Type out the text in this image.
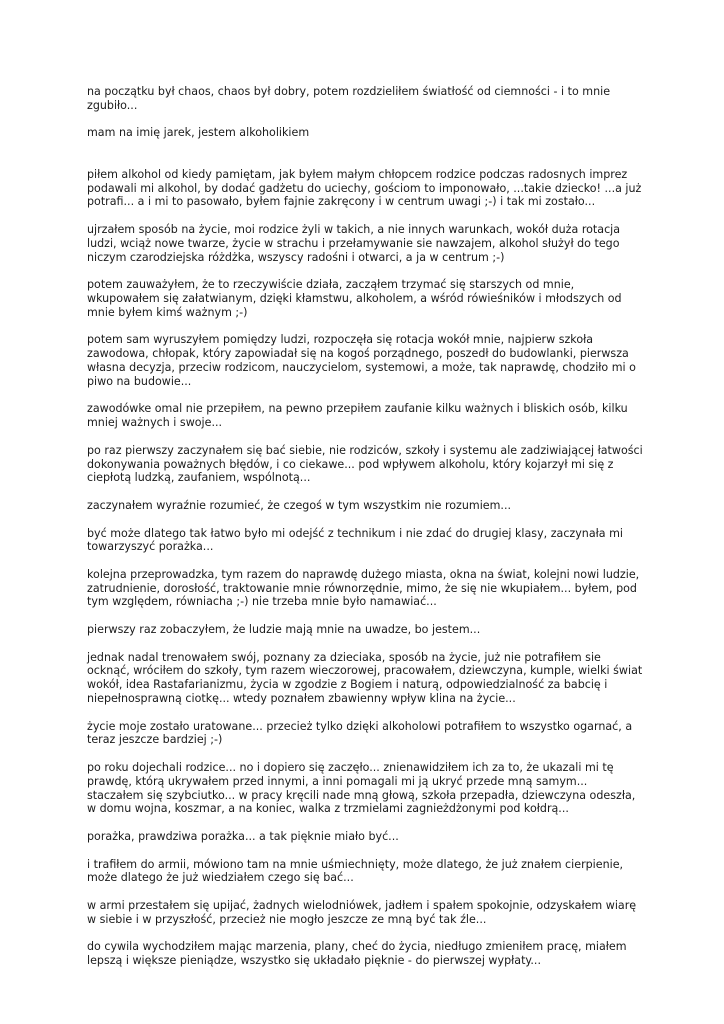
na początku był chaos, chaos był dobry, potem rozdzieliłem światłość od ciemności - i to mnie zgubiło...

mam na imię jarek, jestem alkoholikiem

piłem alkohol od kiedy pamiętam, jak byłem małym chłopcem rodzice podczas radosnych imprez podawali mi alkohol, by dodać gadżetu do uciechy, gościom to imponowało, ...takie dziecko! ...a już potrafi... a i mi to pasowało, byłem fajnie zakręcony i w centrum uwagi ;-) i tak mi zostało...

ujrzałem sposób na życie, moi rodzice żyli w takich, a nie innych warunkach, wokół duża rotacja ludzi, wciąż nowe twarze, życie w strachu i przełamywanie sie nawzajem, alkohol służył do tego niczym czarodziejska różdżka, wszyscy radośni i otwarci, a ja w centrum ;-)

potem zauważyłem, że to rzeczywiście działa, zacząłem trzymać się starszych od mnie, wkupowałem się załatwianym, dzięki kłamstwu, alkoholem, a wśród rówieśników i młodszych od mnie byłem kimś ważnym ;-)

potem sam wyruszyłem pomiędzy ludzi, rozpoczęła się rotacja wokół mnie, najpierw szkoła zawodowa, chłopak, który zapowiadał się na kogoś porządnego, poszedł do budowlanki, pierwsza własna decyzja, przeciw rodzicom, nauczycielom, systemowi, a może, tak naprawdę, chodziło mi o piwo na budowie...

zawodówke omal nie przepiłem, na pewno przepiłem zaufanie kilku ważnych i bliskich osób, kilku mniej ważnych i swoje...

po raz pierwszy zaczynałem się bać siebie, nie rodziców, szkoły i systemu ale zadziwiającej łatwości dokonywania poważnych błędów, i co ciekawe... pod wpływem alkoholu, który kojarzył mi się z ciepłotą ludzką, zaufaniem, wspólnotą...

zaczynałem wyraźnie rozumieć, że czegoś w tym wszystkim nie rozumiem...

być może dlatego tak łatwo było mi odejść z technikum i nie zdać do drugiej klasy, zaczynała mi towarzyszyć porażka...

kolejna przeprowadzka, tym razem do naprawdę dużego miasta, okna na świat, kolejni nowi ludzie, zatrudnienie, dorosłość, traktowanie mnie równorzędnie, mimo, że się nie wkupiałem... byłem, pod tym względem, równiacha ;-) nie trzeba mnie było namawiać...

pierwszy raz zobaczyłem, że ludzie mają mnie na uwadze, bo jestem...

jednak nadal trenowałem swój, poznany za dzieciaka, sposób na życie, już nie potrafiłem sie ocknąć, wróciłem do szkoły, tym razem wieczorowej, pracowałem, dziewczyna, kumple, wielki świat wokół, idea Rastafarianizmu, życia w zgodzie z Bogiem i naturą, odpowiedzialność za babcię i niepełnosprawną ciotkę... wtedy poznałem zbawienny wpływ klina na życie...

życie moje zostało uratowane... przecież tylko dzięki alkoholowi potrafiłem to wszystko ogarnać, a teraz jeszcze bardziej ;-)

po roku dojechali rodzice... no i dopiero się zaczęło... znienawidziłem ich za to, że ukazali mi tę prawdę, którą ukrywałem przed innymi, a inni pomagali mi ją ukryć przede mną samym... staczałem się szybciutko... w pracy kręcili nade mną głową, szkoła przepadła, dziewczyna odeszła, w domu wojna, koszmar, a na koniec, walka z trzmielami zagnieżdżonymi pod kołdrą...

porażka, prawdziwa porażka... a tak pięknie miało być...

i trafiłem do armii, mówiono tam na mnie uśmiechnięty, może dlatego, że już znałem cierpienie, może dlatego że już wiedziałem czego się bać...

w armi przestałem się upijać, żadnych wielodniówek, jadłem i spałem spokojnie, odzyskałem wiarę w siebie i w przyszłość, przecież nie mogło jeszcze ze mną być tak źle...

do cywila wychodziłem mając marzenia, plany, cheć do życia, niedługo zmieniłem pracę, miałem lepszą i większe pieniądze, wszystko się układało pięknie - do pierwszej wypłaty...
